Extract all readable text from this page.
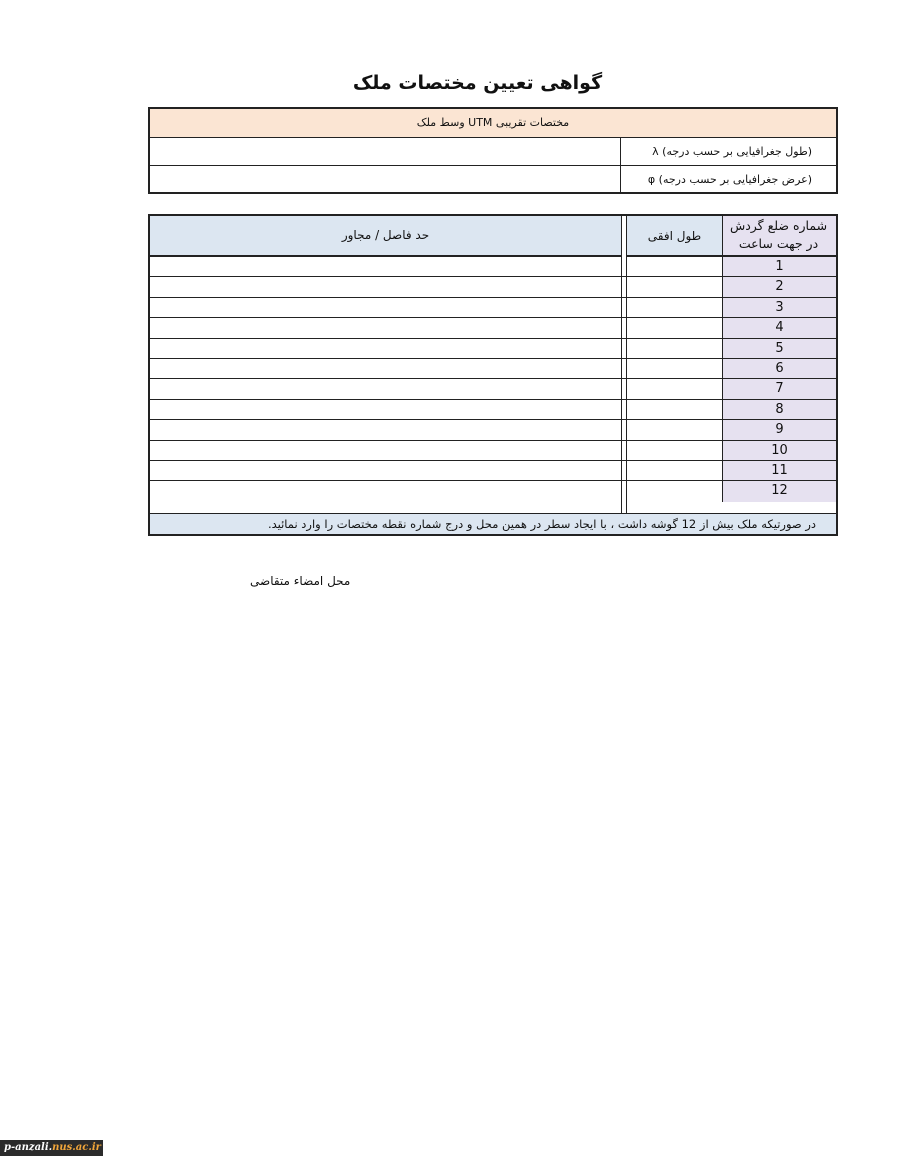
گواهی تعیین مختصات ملک
مختصات تقریبی UTM وسط ملک
(طول جغرافیایی بر حسب درجه) λ
(عرض جغرافیایی بر حسب درجه) φ
حد فاصل / مجاور	طول افقی
شماره ضلع گردش در جهت ساعت
1
2
3
4
5
6
7
8
9
10
11
12
در صورتیکه ملک بیش از 12 گوشه داشت ، با ایجاد سطر در همین محل و درج شماره نقطه مختصات را وارد نمائید.
محل امضاء متقاضی
p-anzali.nus.ac.ir
